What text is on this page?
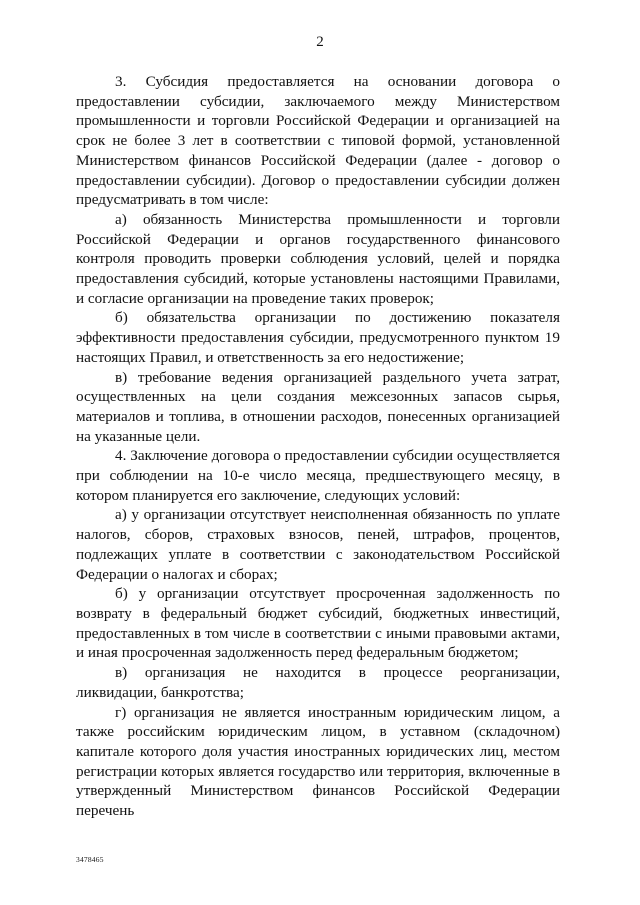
2

3. Субсидия предоставляется на основании договора о предоставлении субсидии, заключаемого между Министерством промышленности и торговли Российской Федерации и организацией на срок не более 3 лет в соответствии с типовой формой, установленной Министерством финансов Российской Федерации (далее - договор о предоставлении субсидии). Договор о предоставлении субсидии должен предусматривать в том числе:

а) обязанность Министерства промышленности и торговли Российской Федерации и органов государственного финансового контроля проводить проверки соблюдения условий, целей и порядка предоставления субсидий, которые установлены настоящими Правилами, и согласие организации на проведение таких проверок;

б) обязательства организации по достижению показателя эффективности предоставления субсидии, предусмотренного пунктом 19 настоящих Правил, и ответственность за его недостижение;

в) требование ведения организацией раздельного учета затрат, осуществленных на цели создания межсезонных запасов сырья, материалов и топлива, в отношении расходов, понесенных организацией на указанные цели.

4. Заключение договора о предоставлении субсидии осуществляется при соблюдении на 10-е число месяца, предшествующего месяцу, в котором планируется его заключение, следующих условий:

а) у организации отсутствует неисполненная обязанность по уплате налогов, сборов, страховых взносов, пеней, штрафов, процентов, подлежащих уплате в соответствии с законодательством Российской Федерации о налогах и сборах;

б) у организации отсутствует просроченная задолженность по возврату в федеральный бюджет субсидий, бюджетных инвестиций, предоставленных в том числе в соответствии с иными правовыми актами, и иная просроченная задолженность перед федеральным бюджетом;

в) организация не находится в процессе реорганизации, ликвидации, банкротства;

г) организация не является иностранным юридическим лицом, а также российским юридическим лицом, в уставном (складочном) капитале которого доля участия иностранных юридических лиц, местом регистрации которых является государство или территория, включенные в утвержденный Министерством финансов Российской Федерации перечень

3478465
